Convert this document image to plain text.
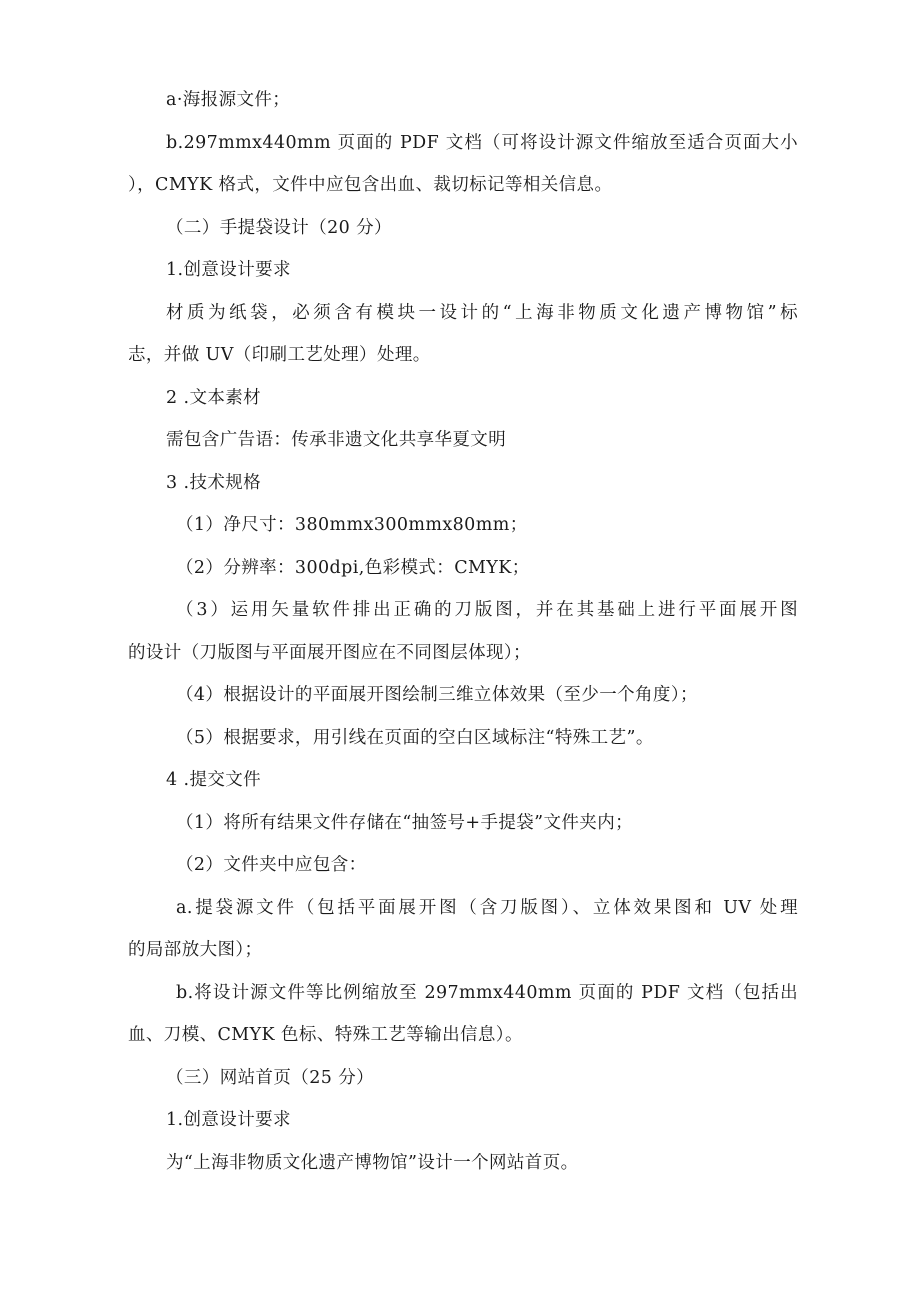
a·海报源文件；
b.297mmx440mm 页面的 PDF 文档（可将设计源文件缩放至适合页面大小
），CMYK 格式，文件中应包含出血、裁切标记等相关信息。
（二）手提袋设计（20 分）
1.创意设计要求
材质为纸袋，必须含有模块一设计的“上海非物质文化遗产博物馆”标
志，并做 UV（印刷工艺处理）处理。
2 .文本素材
需包含广告语：传承非遗文化共享华夏文明
3 .技术规格
（1）净尺寸：380mmx300mmx80mm；
（2）分辨率：300dpi,色彩模式：CMYK；
（3）运用矢量软件排出正确的刀版图，并在其基础上进行平面展开图
的设计（刀版图与平面展开图应在不同图层体现）；
（4）根据设计的平面展开图绘制三维立体效果（至少一个角度）；
（5）根据要求，用引线在页面的空白区域标注“特殊工艺”。
4 .提交文件
（1）将所有结果文件存储在“抽签号+手提袋”文件夹内；
（2）文件夹中应包含：
a.提袋源文件（包括平面展开图（含刀版图）、立体效果图和 UV 处理
的局部放大图）；
b.将设计源文件等比例缩放至 297mmx440mm 页面的 PDF 文档（包括出
血、刀模、CMYK 色标、特殊工艺等输出信息）。
（三）网站首页（25 分）
1.创意设计要求
为“上海非物质文化遗产博物馆”设计一个网站首页。
